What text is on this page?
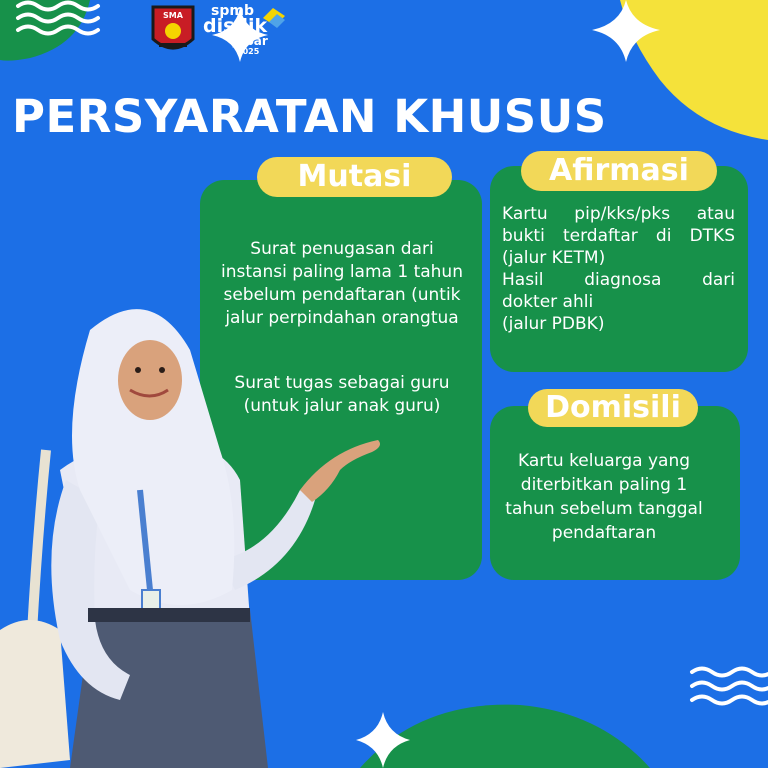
SMA	spmb
disdik
jabar
2025
PERSYARATAN KHUSUS
Mutasi
Surat penugasan dari
instansi paling lama 1 tahun
sebelum pendaftaran (untik
jalur perpindahan orangtua
Surat tugas sebagai guru
(untuk jalur anak guru)
Afirmasi
Kartu pip/kks/pks atau
bukti terdaftar di DTKS
(jalur KETM)
Hasil diagnosa dari
dokter ahli
(jalur PDBK)
Domisili
Kartu keluarga yang
diterbitkan paling 1
tahun sebelum tanggal
pendaftaran
